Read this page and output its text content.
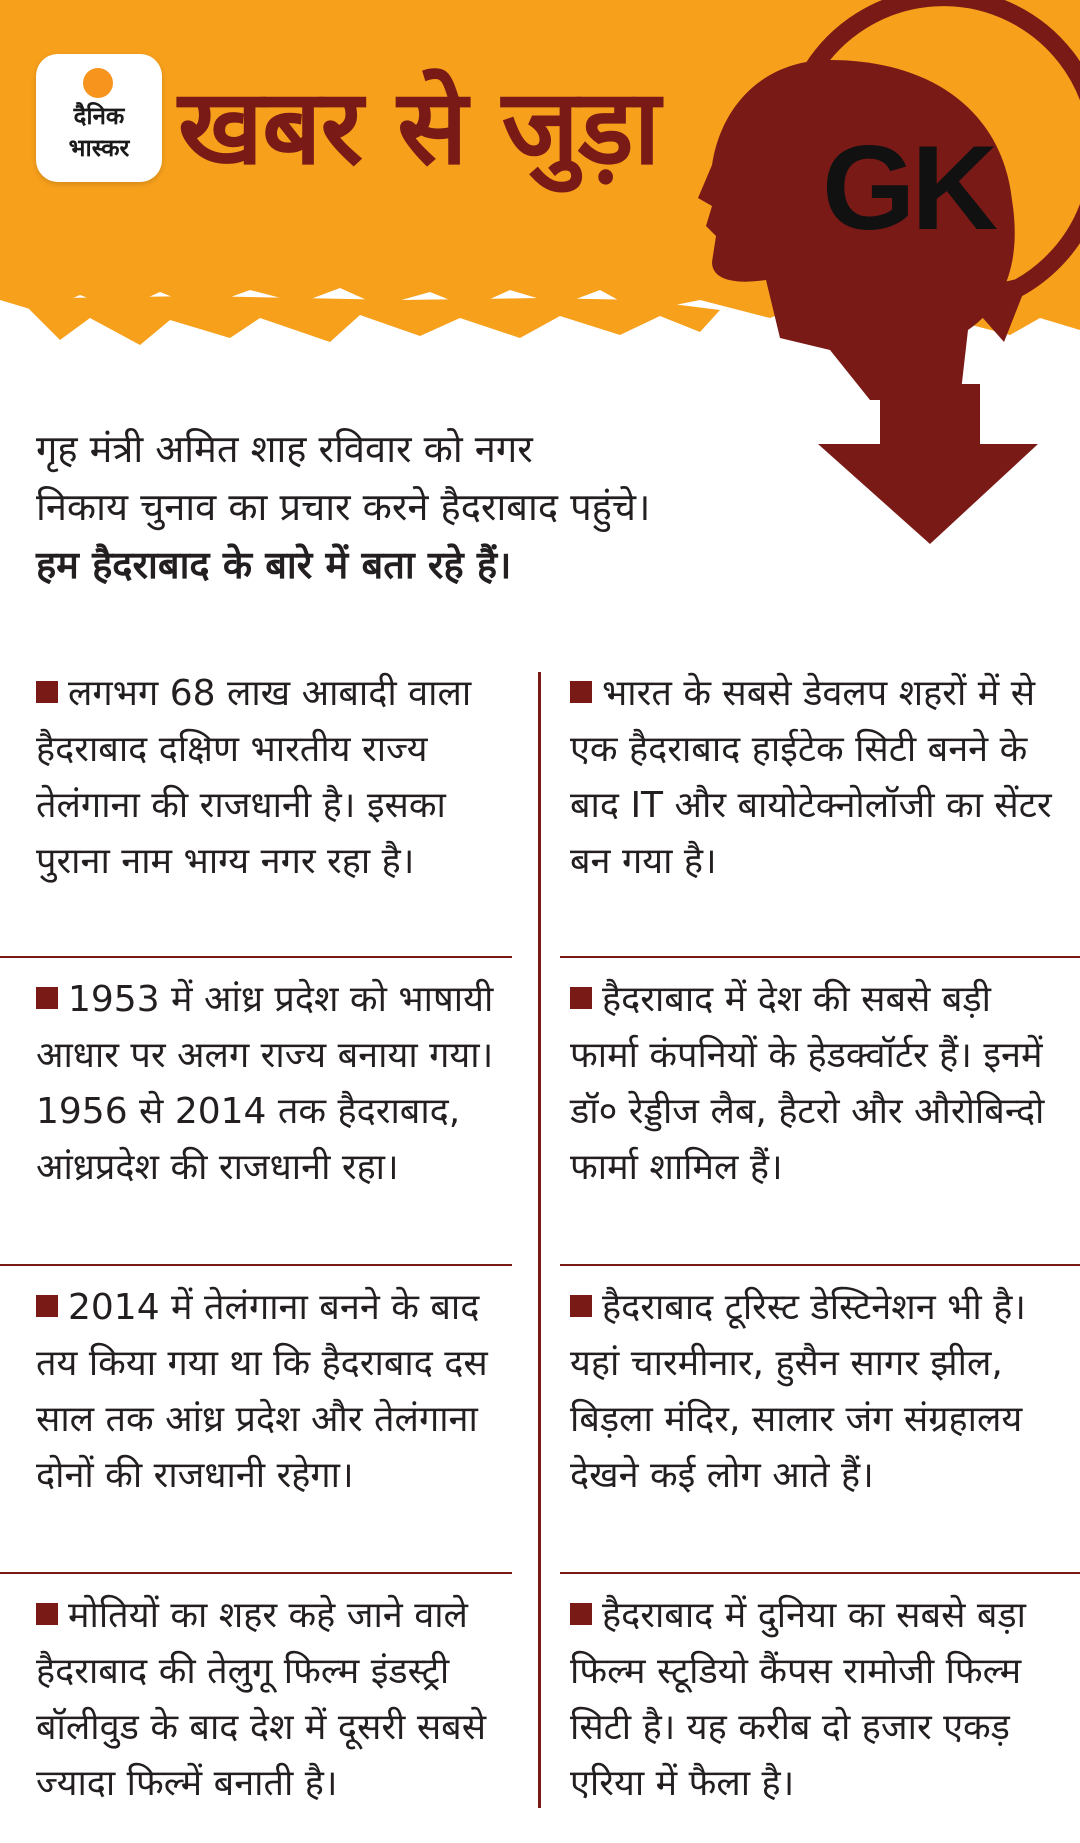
दैनिक
भास्कर खबर से जुड़ा GK
गृह मंत्री अमित शाह रविवार को नगर
निकाय चुनाव का प्रचार करने हैदराबाद पहुंचे।
हम हैदराबाद के बारे में बता रहे हैं।
लगभग 68 लाख आबादी वाला हैदराबाद दक्षिण भारतीय राज्य तेलंगाना की राजधानी है। इसका पुराना नाम भाग्य नगर रहा है।
1953 में आंध्र प्रदेश को भाषायी आधार पर अलग राज्य बनाया गया। 1956 से 2014 तक हैदराबाद, आंध्रप्रदेश की राजधानी रहा।
2014 में तेलंगाना बनने के बाद तय किया गया था कि हैदराबाद दस साल तक आंध्र प्रदेश और तेलंगाना दोनों की राजधानी रहेगा।
मोतियों का शहर कहे जाने वाले हैदराबाद की तेलुगू फिल्म इंडस्ट्री बॉलीवुड के बाद देश में दूसरी सबसे ज्यादा फिल्में बनाती है।
भारत के सबसे डेवलप शहरों में से एक हैदराबाद हाईटेक सिटी बनने के बाद IT और बायोटेक्नोलॉजी का सेंटर बन गया है।
हैदराबाद में देश की सबसे बड़ी फार्मा कंपनियों के हेडक्वॉर्टर हैं। इनमें डॉ० रेड्डीज लैब, हैटरो और औरोबिन्दो फार्मा शामिल हैं।
हैदराबाद टूरिस्ट डेस्टिनेशन भी है। यहां चारमीनार, हुसैन सागर झील, बिड़ला मंदिर, सालार जंग संग्रहालय देखने कई लोग आते हैं।
हैदराबाद में दुनिया का सबसे बड़ा फिल्म स्टूडियो कैंपस रामोजी फिल्म सिटी है। यह करीब दो हजार एकड़ एरिया में फैला है।
